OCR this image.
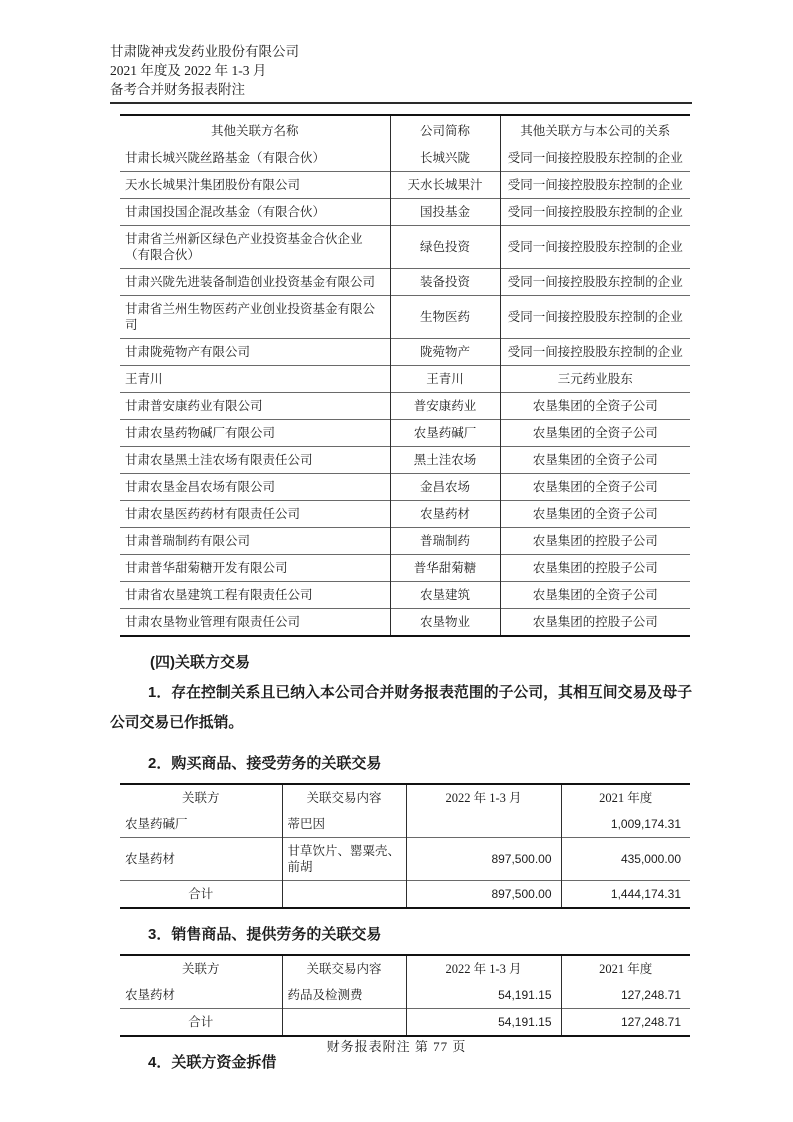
甘肃陇神戎发药业股份有限公司
2021 年度及 2022 年 1-3 月
备考合并财务报表附注
其他关联方名称	公司简称	其他关联方与本公司的关系
甘肃长城兴陇丝路基金（有限合伙）	长城兴陇	受同一间接控股股东控制的企业
天水长城果汁集团股份有限公司	天水长城果汁	受同一间接控股股东控制的企业
甘肃国投国企混改基金（有限合伙）	国投基金	受同一间接控股股东控制的企业
甘肃省兰州新区绿色产业投资基金合伙企业（有限合伙）	绿色投资	受同一间接控股股东控制的企业
甘肃兴陇先进装备制造创业投资基金有限公司	装备投资	受同一间接控股股东控制的企业
甘肃省兰州生物医药产业创业投资基金有限公司	生物医药	受同一间接控股股东控制的企业
甘肃陇菀物产有限公司	陇菀物产	受同一间接控股股东控制的企业
王青川	王青川	三元药业股东
甘肃普安康药业有限公司	普安康药业	农垦集团的全资子公司
甘肃农垦药物碱厂有限公司	农垦药碱厂	农垦集团的全资子公司
甘肃农垦黑土洼农场有限责任公司	黑土洼农场	农垦集团的全资子公司
甘肃农垦金昌农场有限公司	金昌农场	农垦集团的全资子公司
甘肃农垦医药药材有限责任公司	农垦药材	农垦集团的全资子公司
甘肃普瑞制药有限公司	普瑞制药	农垦集团的控股子公司
甘肃普华甜菊糖开发有限公司	普华甜菊糖	农垦集团的控股子公司
甘肃省农垦建筑工程有限责任公司	农垦建筑	农垦集团的全资子公司
甘肃农垦物业管理有限责任公司	农垦物业	农垦集团的控股子公司
(四)关联方交易

1．存在控制关系且已纳入本公司合并财务报表范围的子公司，其相互间交易及母子公司交易已作抵销。

2．购买商品、接受劳务的关联交易
关联方	关联交易内容	2022 年 1-3 月	2021 年度
农垦药碱厂	蒂巴因		1,009,174.31
农垦药材	甘草饮片、罂粟壳、前胡	897,500.00	435,000.00
合计		897,500.00	1,444,174.31
3．销售商品、提供劳务的关联交易
关联方	关联交易内容	2022 年 1-3 月	2021 年度
农垦药材	药品及检测费	54,191.15	127,248.71
合计		54,191.15	127,248.71
4．关联方资金拆借
财务报表附注 第 77 页
